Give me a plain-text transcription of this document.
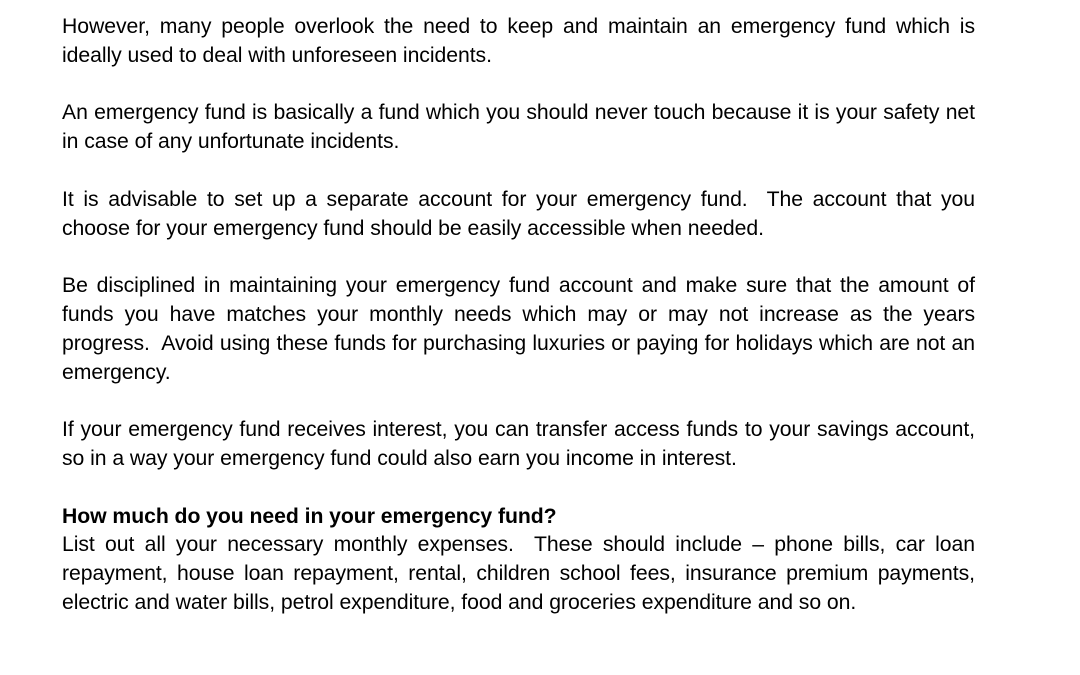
However, many people overlook the need to keep and maintain an emergency fund which is ideally used to deal with unforeseen incidents.

An emergency fund is basically a fund which you should never touch because it is your safety net in case of any unfortunate incidents.

It is advisable to set up a separate account for your emergency fund.  The account that you choose for your emergency fund should be easily accessible when needed.

Be disciplined in maintaining your emergency fund account and make sure that the amount of funds you have matches your monthly needs which may or may not increase as the years progress.  Avoid using these funds for purchasing luxuries or paying for holidays which are not an emergency.

If your emergency fund receives interest, you can transfer access funds to your savings account, so in a way your emergency fund could also earn you income in interest.

How much do you need in your emergency fund?

List out all your necessary monthly expenses.  These should include – phone bills, car loan repayment, house loan repayment, rental, children school fees, insurance premium payments, electric and water bills, petrol expenditure, food and groceries expenditure and so on.
